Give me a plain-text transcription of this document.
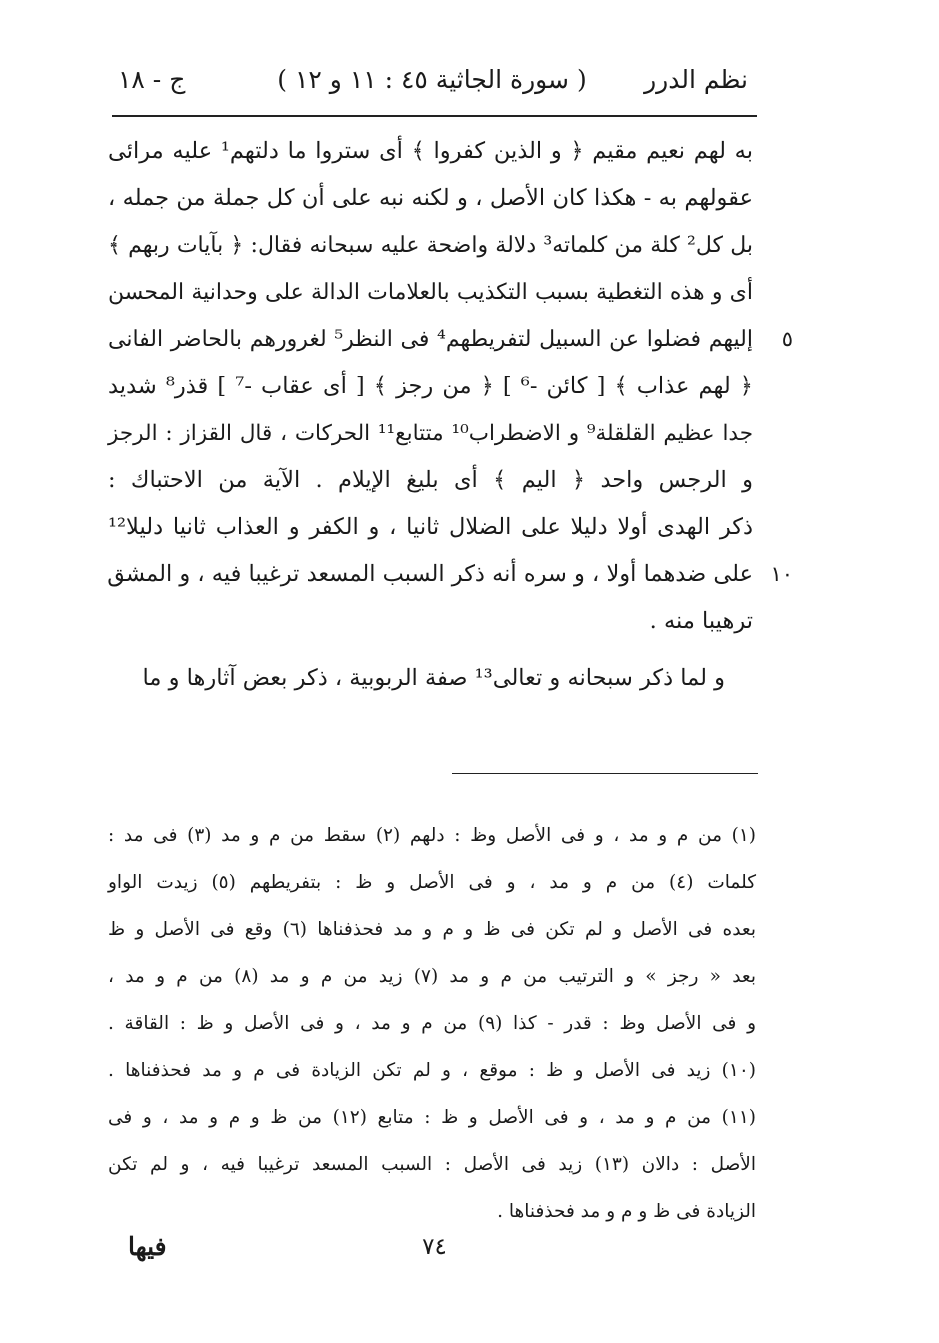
نظم الدرر
( سورة الجاثية ٤٥ : ١١ و ١٢ )
ج - ١٨
به لهم نعيم مقيم ﴿ و الذين كفروا ﴾ أى ستروا ما دلتهم¹ عليه مرائى
عقولهم به - هكذا كان الأصل ، و لكنه نبه على أن كل جملة من جمله ،
بل كل² كلة من كلماته³ دلالة واضحة عليه سبحانه فقال: ﴿ بآيات ربهم ﴾
أى و هذه التغطية بسبب التكذيب بالعلامات الدالة على وحدانية المحسن
إليهم فضلوا عن السبيل لتفريطهم⁴ فى النظر⁵ لغرورهم بالحاضر الفانى ٥
﴿ لهم عذاب ﴾ [ كائن -⁶ ] ﴿ من رجز ﴾ [ أى عقاب -⁷ ] قذر⁸ شديد
جدا عظيم القلقلة⁹ و الاضطراب¹⁰ متتابع¹¹ الحركات ، قال القزاز : الرجز
و الرجس واحد ﴿ اليم ﴾ أى بليغ الإيلام . الآية من الاحتباك :
ذكر الهدى أولا دليلا على الضلال ثانيا ، و الكفر و العذاب ثانيا دليلا¹²
على ضدهما أولا ، و سره أنه ذكر السبب المسعد ترغيبا فيه ، و المشق ١٠
ترهيبا منه .
و لما ذكر سبحانه و تعالى¹³ صفة الربوبية ، ذكر بعض آثارها و ما
(١) من م و مد ، و فى الأصل وظ : دلهم (٢) سقط من م و مد (٣) فى مد :
كلمات (٤) من م و مد ، و فى الأصل و ظ : بتفريطهم (٥) زيدت الواو
بعده فى الأصل و لم تكن فى ظ و م و مد فحذفناها (٦) وقع فى الأصل و ظ
بعد « رجز » و الترتيب من م و مد (٧) زيد من م و مد (٨) من م و مد ،
و فى الأصل وظ : قدر - كذا (٩) من م و مد ، و فى الأصل و ظ : القاقة .
(١٠) زيد فى الأصل و ظ : موقع ، و لم تكن الزيادة فى م و مد فحذفناها .
(١١) من م و مد ، و فى الأصل و ظ : متابع (١٢) من ظ و م و مد ، و فى
الأصل : دالان (١٣) زيد فى الأصل : السبب المسعد ترغيبا فيه ، و لم تكن
الزيادة فى ظ و م و مد فحذفناها .
٧٤
فيها
